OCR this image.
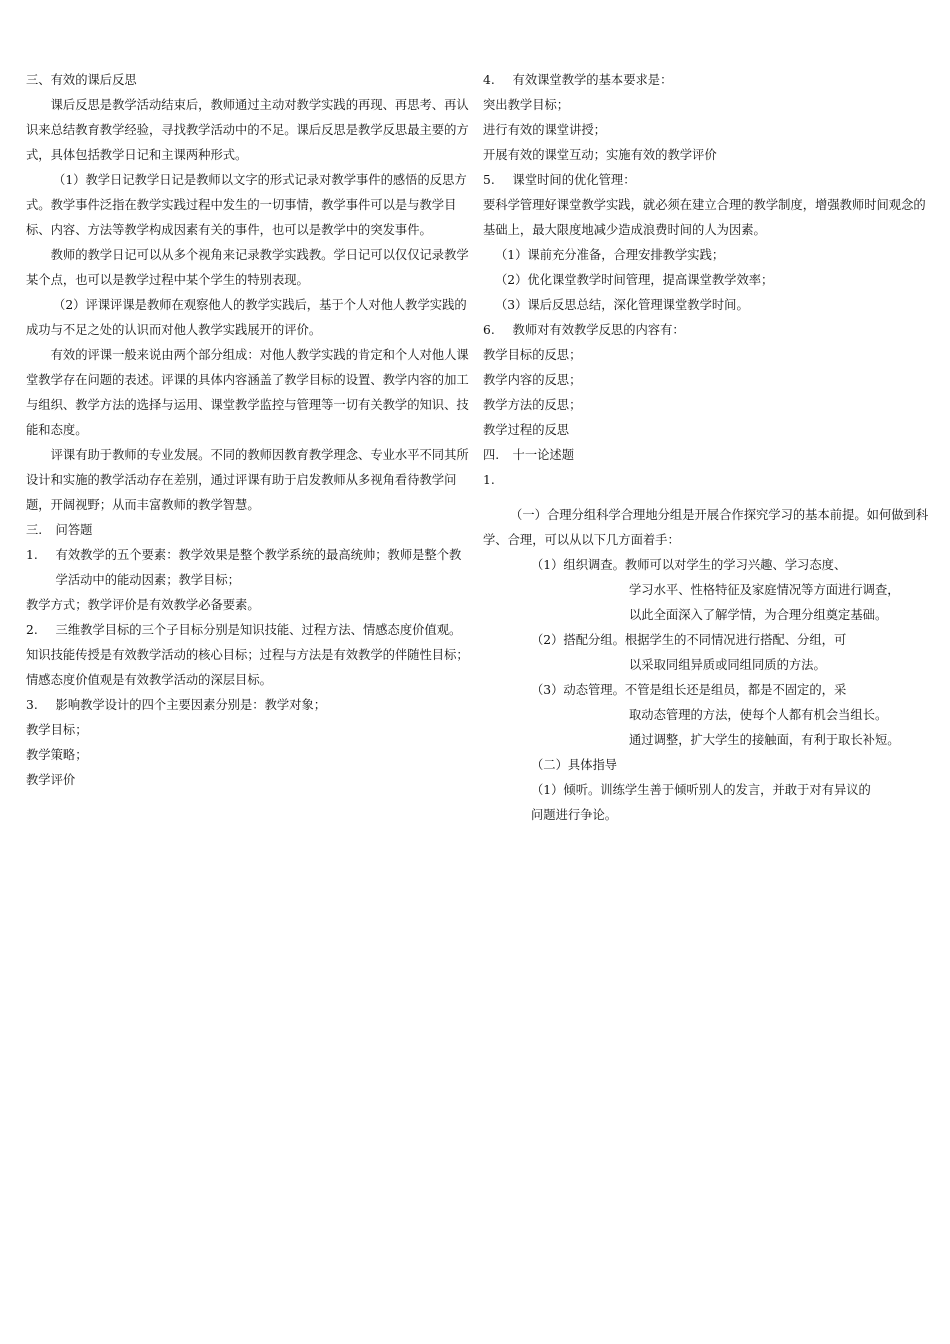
三、有效的课后反思

课后反思是教学活动结束后，教师通过主动对教学实践的再现、再思考、再认识来总结教育教学经验，寻找教学活动中的不足。课后反思是教学反思最主要的方式，具体包括教学日记和主课两种形式。

（1）教学日记教学日记是教师以文字的形式记录对教学事件的感悟的反思方式。教学事件泛指在教学实践过程中发生的一切事情，教学事件可以是与教学目标、内容、方法等教学构成因素有关的事件，也可以是教学中的突发事件。

教师的教学日记可以从多个视角来记录教学实践教。学日记可以仅仅记录教学某个点，也可以是教学过程中某个学生的特别表现。

（2）评课评课是教师在观察他人的教学实践后，基于个人对他人教学实践的成功与不足之处的认识而对他人教学实践展开的评价。

有效的评课一般来说由两个部分组成：对他人教学实践的肯定和个人对他人课堂教学存在问题的表述。评课的具体内容涵盖了教学目标的设置、教学内容的加工与组织、教学方法的选择与运用、课堂教学监控与管理等一切有关教学的知识、技能和态度。

评课有助于教师的专业发展。不同的教师因教育教学理念、专业水平不同其所设计和实施的教学活动存在差别，通过评课有助于启发教师从多视角看待教学问题，开阔视野；从而丰富教师的教学智慧。

三. 问答题

1. 有效教学的五个要素：教学效果是整个教学系统的最高统帅；教师是整个教学活动中的能动因素；教学目标；

教学方式；教学评价是有效教学必备要素。

2. 三维教学目标的三个子目标分别是知识技能、过程方法、情感态度价值观。

知识技能传授是有效教学活动的核心目标；过程与方法是有效教学的伴随性目标；情感态度价值观是有效教学活动的深层目标。

3. 影响教学设计的四个主要因素分别是：教学对象；

教学目标；

教学策略；

教学评价

4. 有效课堂教学的基本要求是：

突出教学目标；

进行有效的课堂讲授；

开展有效的课堂互动；实施有效的教学评价

5. 课堂时间的优化管理：

要科学管理好课堂教学实践，就必须在建立合理的教学制度，增强教师时间观念的基础上，最大限度地减少造成浪费时间的人为因素。

（1）课前充分准备，合理安排教学实践；

（2）优化课堂教学时间管理，提高课堂教学效率；

（3）课后反思总结，深化管理课堂教学时间。

6. 教师对有效教学反思的内容有：

教学目标的反思；

教学内容的反思；

教学方法的反思；

教学过程的反思

四. 十一论述题

1.

（一）合理分组科学合理地分组是开展合作探究学习的基本前提。如何做到科学、合理，可以从以下几方面着手：

（1）组织调查。教师可以对学生的学习兴趣、学习态度、

学习水平、性格特征及家庭情况等方面进行调查，

以此全面深入了解学情，为合理分组奠定基础。

（2）搭配分组。根据学生的不同情况进行搭配、分组，可

以采取同组异质或同组同质的方法。

（3）动态管理。不管是组长还是组员，都是不固定的，采

取动态管理的方法，使每个人都有机会当组长。

通过调整，扩大学生的接触面，有利于取长补短。

（二）具体指导

（1）倾听。训练学生善于倾听别人的发言，并敢于对有异议的

问题进行争论。
